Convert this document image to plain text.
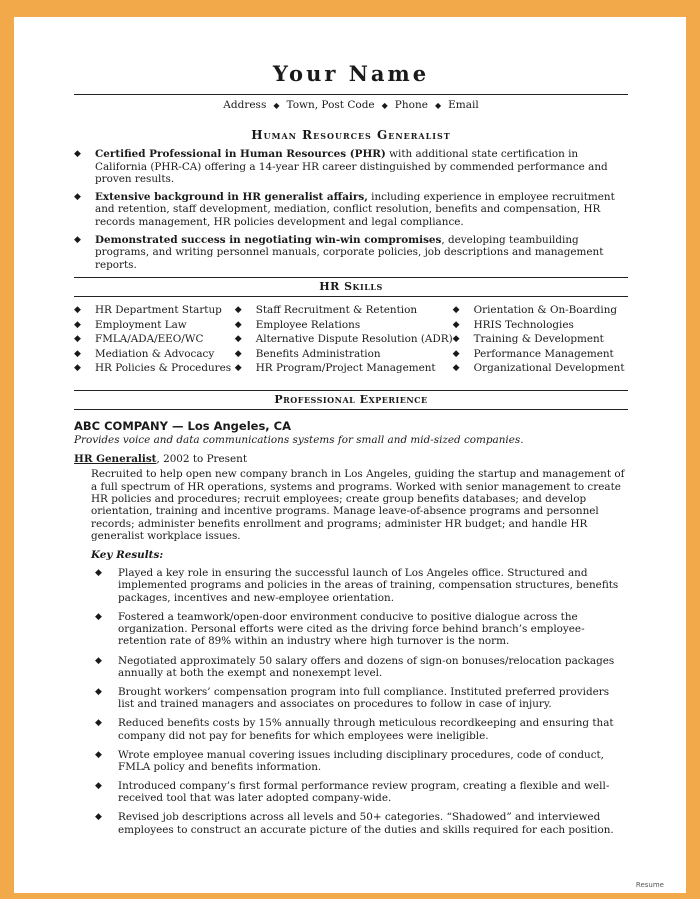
Your Name
Address ◆ Town, Post Code ◆ Phone ◆ Email
Human Resources Generalist
◆ Certified Professional in Human Resources (PHR) with additional state certification in California (PHR-CA) offering a 14-year HR career distinguished by commended performance and proven results.
◆ Extensive background in HR generalist affairs, including experience in employee recruitment and retention, staff development, mediation, conflict resolution, benefits and compensation, HR records management, HR policies development and legal compliance.
◆ Demonstrated success in negotiating win-win compromises, developing teambuilding programs, and writing personnel manuals, corporate policies, job descriptions and management reports.
HR Skills
◆ HR Department Startup
◆ Employment Law
◆ FMLA/ADA/EEO/WC
◆ Mediation & Advocacy
◆ HR Policies & Procedures
◆ Staff Recruitment & Retention
◆ Employee Relations
◆ Alternative Dispute Resolution (ADR)
◆ Benefits Administration
◆ HR Program/Project Management
◆ Orientation & On-Boarding
◆ HRIS Technologies
◆ Training & Development
◆ Performance Management
◆ Organizational Development
Professional Experience
ABC COMPANY — Los Angeles, CA
Provides voice and data communications systems for small and mid-sized companies.
HR Generalist, 2002 to Present
Recruited to help open new company branch in Los Angeles, guiding the startup and management of a full spectrum of HR operations, systems and programs. Worked with senior management to create HR policies and procedures; recruit employees; create group benefits databases; and develop orientation, training and incentive programs. Manage leave-of-absence programs and personnel records; administer benefits enrollment and programs; administer HR budget; and handle HR generalist workplace issues.
Key Results:
◆ Played a key role in ensuring the successful launch of Los Angeles office. Structured and implemented programs and policies in the areas of training, compensation structures, benefits packages, incentives and new-employee orientation.
◆ Fostered a teamwork/open-door environment conducive to positive dialogue across the organization. Personal efforts were cited as the driving force behind branch’s employee-retention rate of 89% within an industry where high turnover is the norm.
◆ Negotiated approximately 50 salary offers and dozens of sign-on bonuses/relocation packages annually at both the exempt and nonexempt level.
◆ Brought workers’ compensation program into full compliance. Instituted preferred providers list and trained managers and associates on procedures to follow in case of injury.
◆ Reduced benefits costs by 15% annually through meticulous recordkeeping and ensuring that company did not pay for benefits for which employees were ineligible.
◆ Wrote employee manual covering issues including disciplinary procedures, code of conduct, FMLA policy and benefits information.
◆ Introduced company’s first formal performance review program, creating a flexible and well-received tool that was later adopted company-wide.
◆ Revised job descriptions across all levels and 50+ categories. “Shadowed” and interviewed employees to construct an accurate picture of the duties and skills required for each position.
Resume
